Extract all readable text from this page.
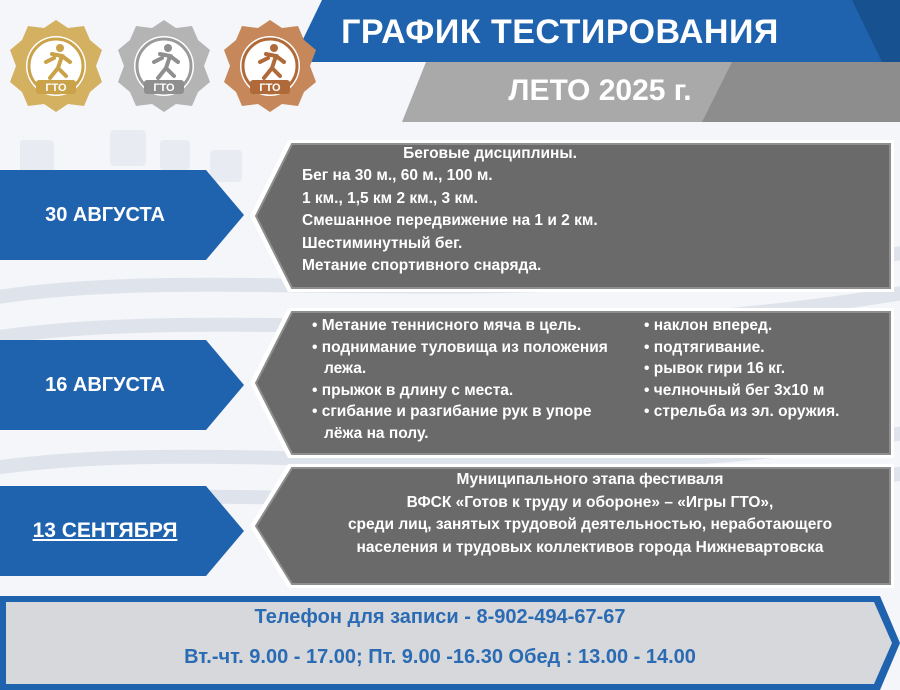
ГРАФИК ТЕСТИРОВАНИЯ
ЛЕТО 2025 г.
ГТО	ГТО	ГТО
30 АВГУСТА
Беговые дисциплины.
Бег на 30 м., 60 м., 100 м.
1 км., 1,5 км 2 км., 3 км.
Смешанное передвижение на 1 и 2 км.
Шестиминутный бег.
Метание спортивного снаряда.
16 АВГУСТА
• Метание теннисного мяча в цель.
• поднимание туловища из положения лежа.
• прыжок в длину с места.
• сгибание и разгибание рук в упоре лёжа на полу.
• наклон вперед.
• подтягивание.
• рывок гири 16 кг.
• челночный бег 3х10 м
• стрельба из эл. оружия.
13 СЕНТЯБРЯ
Муниципального этапа фестиваля
ВФСК «Готов к труду и обороне» – «Игры ГТО»,
среди лиц, занятых трудовой деятельностью, неработающего
населения и трудовых коллективов города Нижневартовска
Телефон для записи - 8-902-494-67-67
Вт.-чт. 9.00 - 17.00; Пт. 9.00 -16.30 Обед : 13.00 - 14.00
